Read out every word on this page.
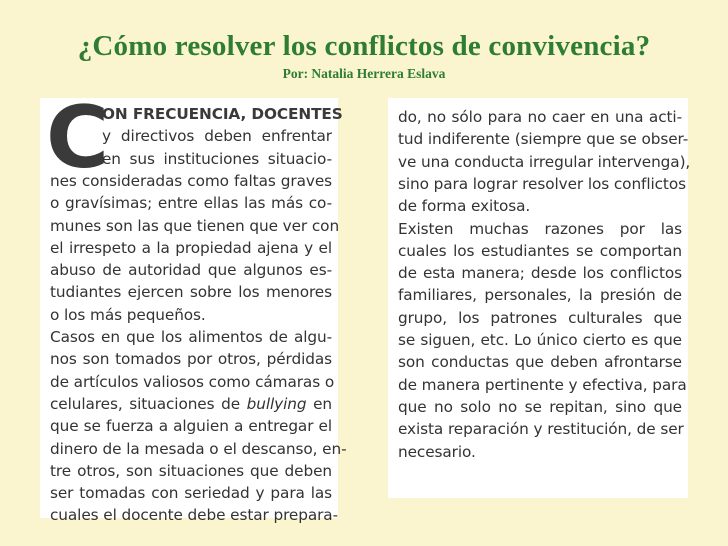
¿Cómo resolver los conflictos de convivencia?

Por: Natalia Herrera Eslava

C
ON FRECUENCIA, DOCENTES
y directivos deben enfrentar
en sus instituciones situacio-
nes consideradas como faltas graves
o gravísimas; entre ellas las más co-
munes son las que tienen que ver con
el irrespeto a la propiedad ajena y el
abuso de autoridad que algunos es-
tudiantes ejercen sobre los menores
o los más pequeños.
Casos en que los alimentos de algu-
nos son tomados por otros, pérdidas
de artículos valiosos como cámaras o
celulares, situaciones de bullying en
que se fuerza a alguien a entregar el
dinero de la mesada o el descanso, en-
tre otros, son situaciones que deben
ser tomadas con seriedad y para las
cuales el docente debe estar prepara-
do, no sólo para no caer en una acti-
tud indiferente (siempre que se obser-
ve una conducta irregular intervenga),
sino para lograr resolver los conflictos
de forma exitosa.
Existen muchas razones por las
cuales los estudiantes se comportan
de esta manera; desde los conflictos
familiares, personales, la presión de
grupo, los patrones culturales que
se siguen, etc. Lo único cierto es que
son conductas que deben afrontarse
de manera pertinente y efectiva, para
que no solo no se repitan, sino que
exista reparación y restitución, de ser
necesario.
